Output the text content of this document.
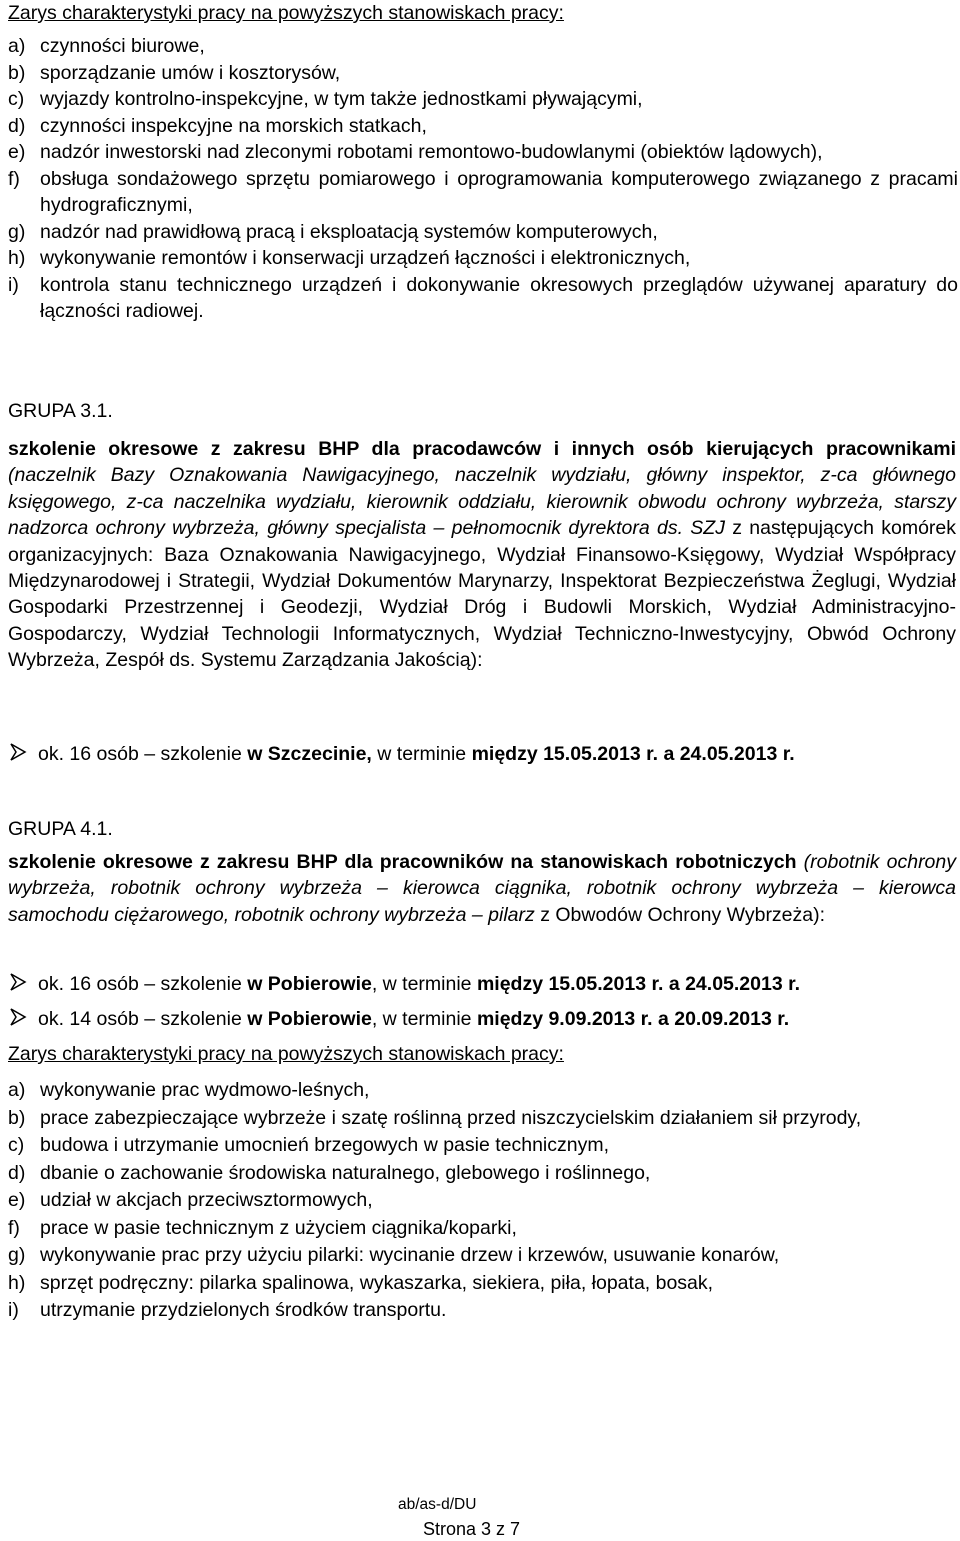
Zarys charakterystyki pracy na powyższych stanowiskach pracy:
a) czynności biurowe,
b) sporządzanie umów i kosztorysów,
c) wyjazdy kontrolno-inspekcyjne, w tym także jednostkami pływającymi,
d) czynności inspekcyjne na morskich statkach,
e) nadzór inwestorski nad zleconymi robotami remontowo-budowlanymi (obiektów lądowych),
f) obsługa sondażowego sprzętu pomiarowego i oprogramowania komputerowego związanego z pracami hydrograficznymi,
g) nadzór nad prawidłową pracą i eksploatacją systemów komputerowych,
h) wykonywanie remontów i konserwacji urządzeń łączności i elektronicznych,
i) kontrola stanu technicznego urządzeń i dokonywanie okresowych przeglądów używanej aparatury do łączności radiowej.
GRUPA 3.1.

szkolenie okresowe z zakresu BHP dla pracodawców i innych osób kierujących pracownikami (naczelnik Bazy Oznakowania Nawigacyjnego, naczelnik wydziału, główny inspektor, z-ca głównego księgowego, z-ca naczelnika wydziału, kierownik oddziału, kierownik obwodu ochrony wybrzeża, starszy nadzorca ochrony wybrzeża, główny specjalista – pełnomocnik dyrektora ds. SZJ z następujących komórek organizacyjnych: Baza Oznakowania Nawigacyjnego, Wydział Finansowo-Księgowy, Wydział Współpracy Międzynarodowej i Strategii, Wydział Dokumentów Marynarzy, Inspektorat Bezpieczeństwa Żeglugi, Wydział Gospodarki Przestrzennej i Geodezji, Wydział Dróg i Budowli Morskich, Wydział Administracyjno-Gospodarczy, Wydział Technologii Informatycznych, Wydział Techniczno-Inwestycyjny, Obwód Ochrony Wybrzeża, Zespół ds. Systemu Zarządzania Jakością):

ok. 16 osób – szkolenie w Szczecinie, w terminie między 15.05.2013 r. a 24.05.2013 r.
GRUPA 4.1.

szkolenie okresowe z zakresu BHP dla pracowników na stanowiskach robotniczych (robotnik ochrony wybrzeża, robotnik ochrony wybrzeża – kierowca ciągnika, robotnik ochrony wybrzeża – kierowca samochodu ciężarowego, robotnik ochrony wybrzeża – pilarz z Obwodów Ochrony Wybrzeża):

ok. 16 osób – szkolenie w Pobierowie, w terminie między 15.05.2013 r. a 24.05.2013 r.
ok. 14 osób – szkolenie w Pobierowie, w terminie między 9.09.2013 r. a 20.09.2013 r.
Zarys charakterystyki pracy na powyższych stanowiskach pracy:
a) wykonywanie prac wydmowo-leśnych,
b) prace zabezpieczające wybrzeże i szatę roślinną przed niszczycielskim działaniem sił przyrody,
c) budowa i utrzymanie umocnień brzegowych w pasie technicznym,
d) dbanie o zachowanie środowiska naturalnego, glebowego i roślinnego,
e) udział w akcjach przeciwsztormowych,
f) prace w pasie technicznym z użyciem ciągnika/koparki,
g) wykonywanie prac przy użyciu pilarki: wycinanie drzew i krzewów, usuwanie konarów,
h) sprzęt podręczny: pilarka spalinowa, wykaszarka, siekiera, piła, łopata, bosak,
i) utrzymanie przydzielonych środków transportu.
ab/as-d/DU
Strona 3 z 7
